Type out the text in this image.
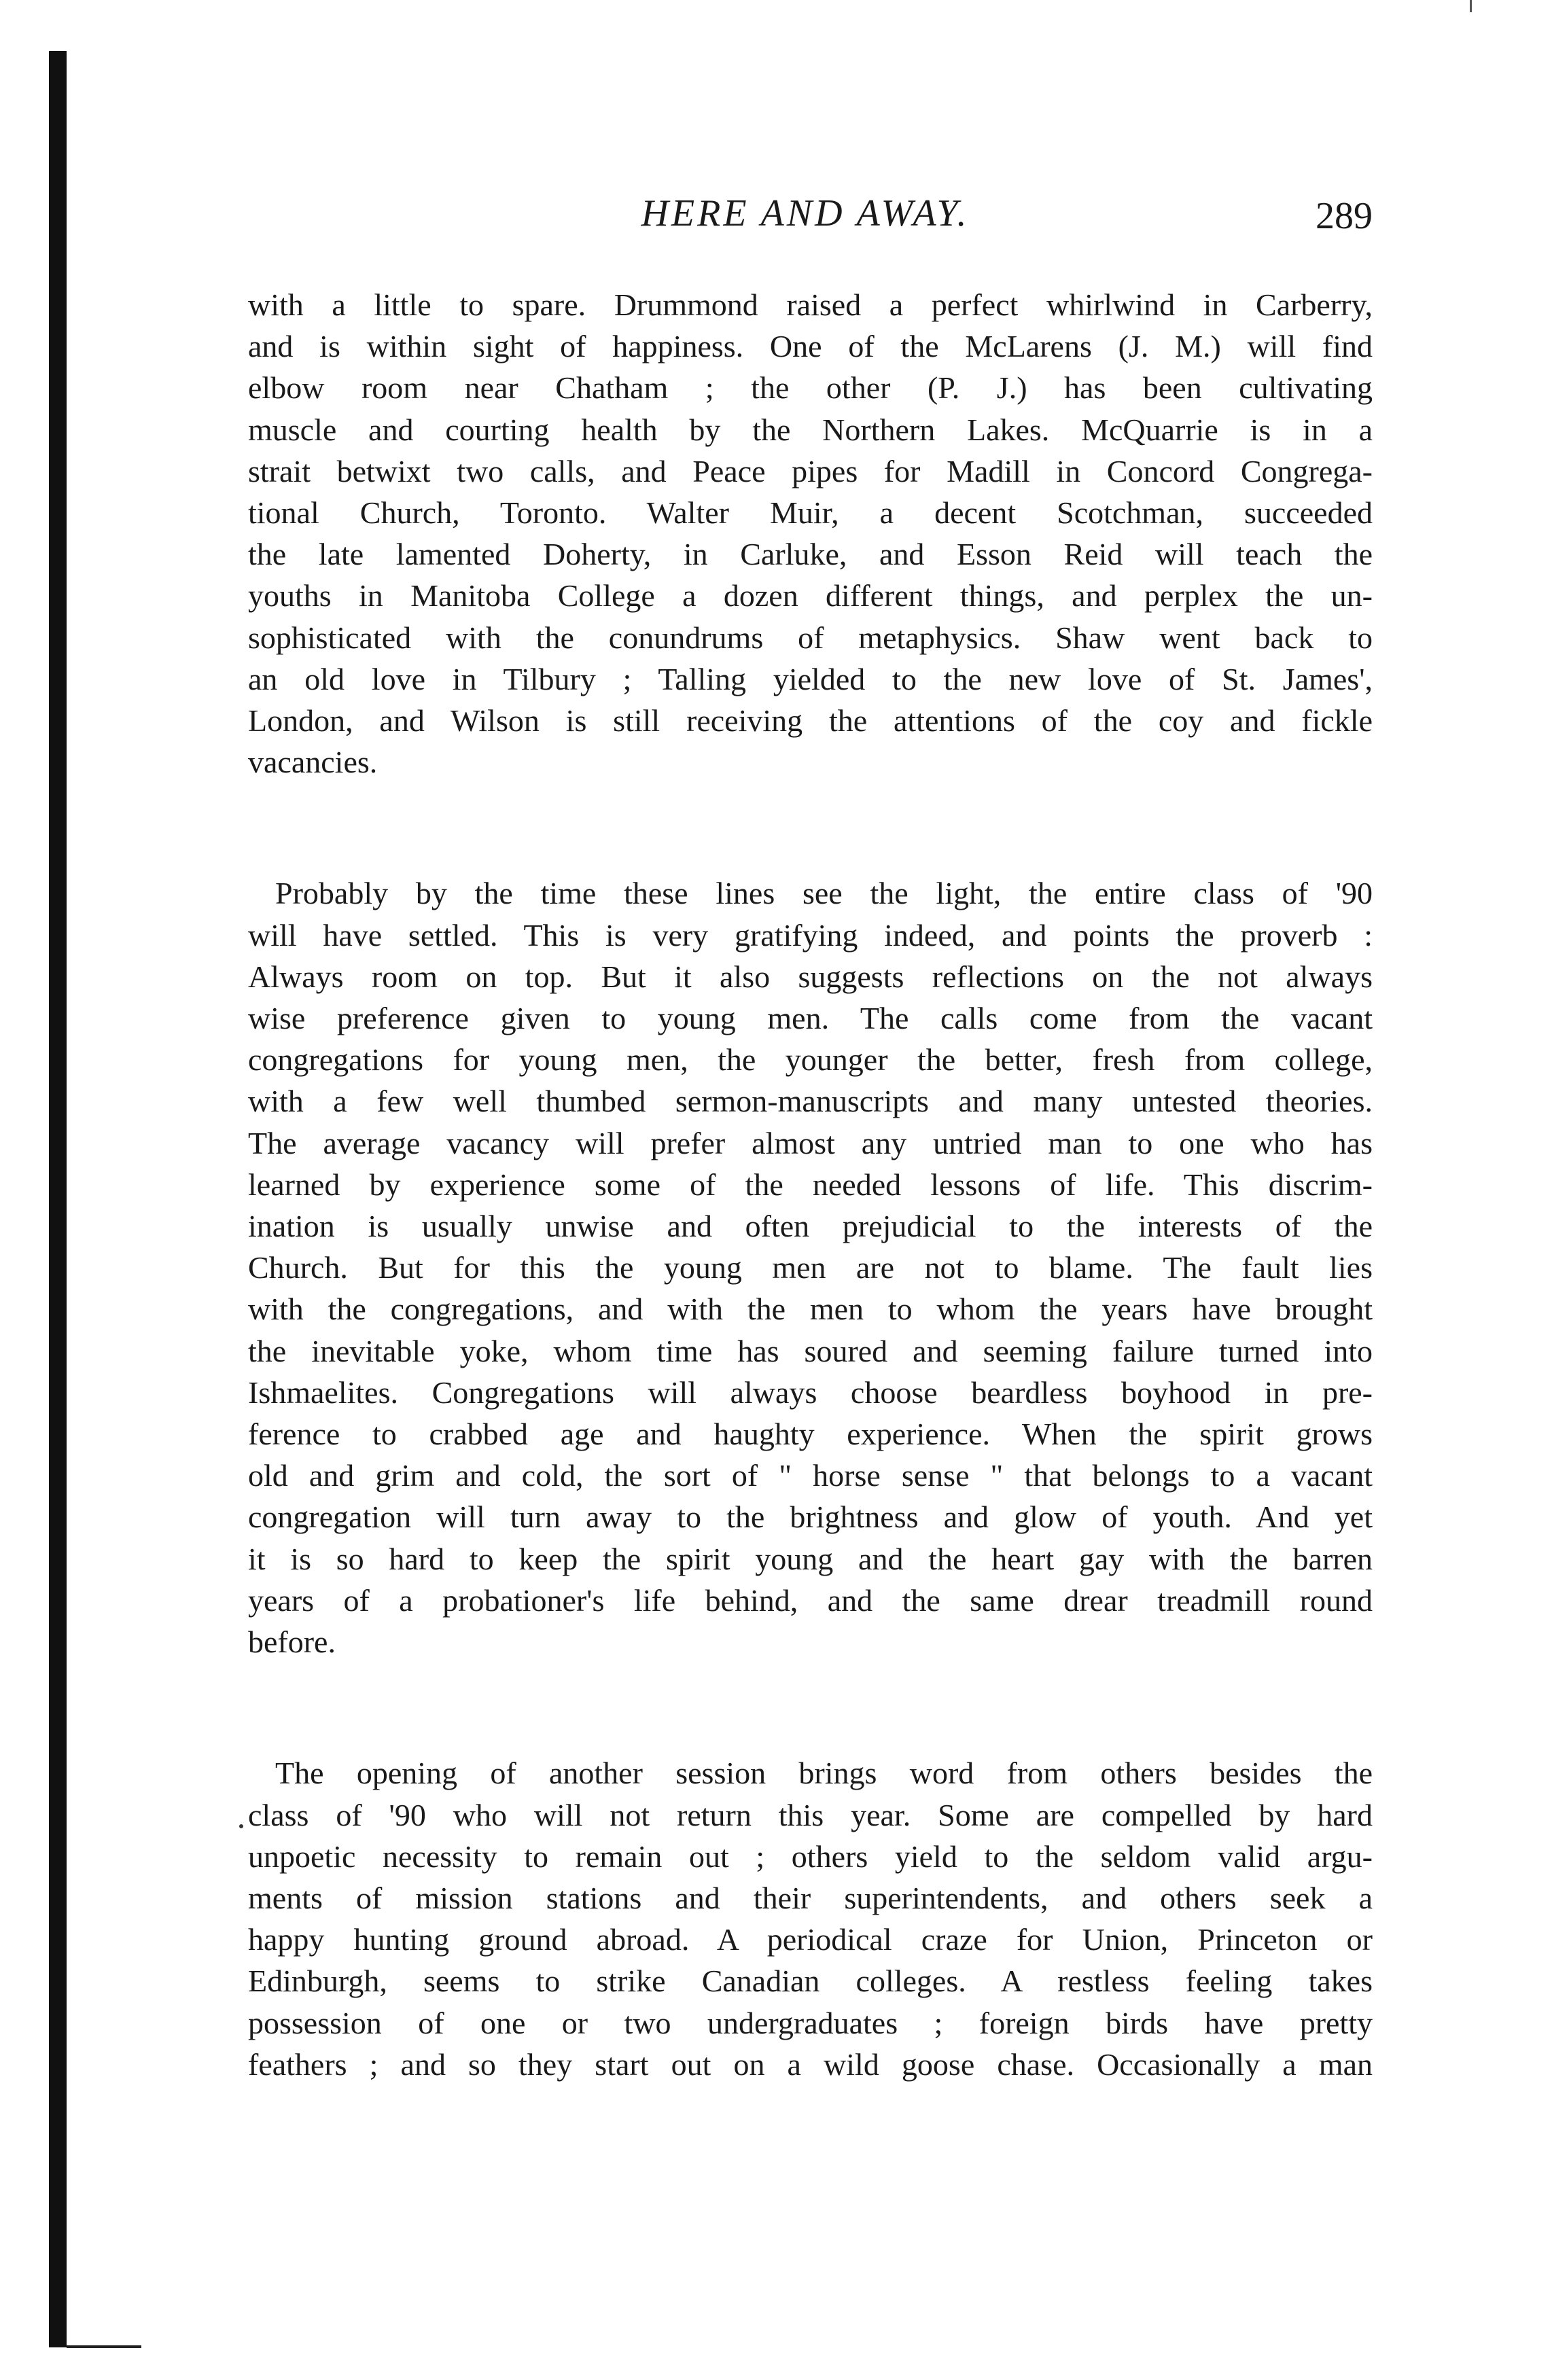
HERE AND AWAY.	289

with a little to spare. Drummond raised a perfect whirlwind in Carberry,
and is within sight of happiness. One of the McLarens (J. M.) will find
elbow room near Chatham ; the other (P. J.) has been cultivating
muscle and courting health by the Northern Lakes. McQuarrie is in a
strait betwixt two calls, and Peace pipes for Madill in Concord Congrega-
tional Church, Toronto. Walter Muir, a decent Scotchman, succeeded
the late lamented Doherty, in Carluke, and Esson Reid will teach the
youths in Manitoba College a dozen different things, and perplex the un-
sophisticated with the conundrums of metaphysics. Shaw went back to
an old love in Tilbury ; Talling yielded to the new love of St. James',
London, and Wilson is still receiving the attentions of the coy and fickle
vacancies.

Probably by the time these lines see the light, the entire class of '90
will have settled. This is very gratifying indeed, and points the proverb :
Always room on top. But it also suggests reflections on the not always
wise preference given to young men. The calls come from the vacant
congregations for young men, the younger the better, fresh from college,
with a few well thumbed sermon-manuscripts and many untested theories.
The average vacancy will prefer almost any untried man to one who has
learned by experience some of the needed lessons of life. This discrim-
ination is usually unwise and often prejudicial to the interests of the
Church. But for this the young men are not to blame. The fault lies
with the congregations, and with the men to whom the years have brought
the inevitable yoke, whom time has soured and seeming failure turned into
Ishmaelites. Congregations will always choose beardless boyhood in pre-
ference to crabbed age and haughty experience. When the spirit grows
old and grim and cold, the sort of " horse sense " that belongs to a vacant
congregation will turn away to the brightness and glow of youth. And yet
it is so hard to keep the spirit young and the heart gay with the barren
years of a probationer's life behind, and the same drear treadmill round
before.

The opening of another session brings word from others besides the
class of '90 who will not return this year. Some are compelled by hard
unpoetic necessity to remain out ; others yield to the seldom valid argu-
ments of mission stations and their superintendents, and others seek a
happy hunting ground abroad. A periodical craze for Union, Princeton or
Edinburgh, seems to strike Canadian colleges. A restless feeling takes
possession of one or two undergraduates ; foreign birds have pretty
feathers ; and so they start out on a wild goose chase. Occasionally a man
